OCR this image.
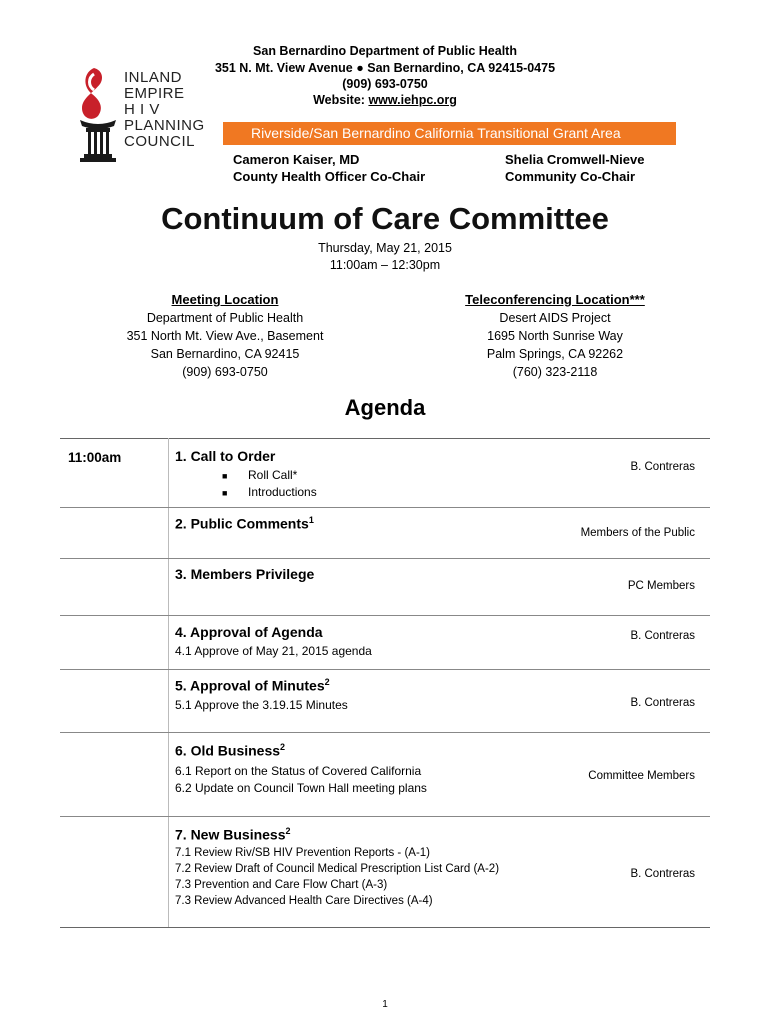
INLAND
EMPIRE
H I V
PLANNING
COUNCIL
San Bernardino Department of Public Health
351 N. Mt. View Avenue ● San Bernardino, CA 92415-0475
(909) 693-0750
Website: www.iehpc.org
Riverside/San Bernardino California Transitional Grant Area
Cameron Kaiser, MD
County Health Officer Co-Chair
Shelia Cromwell-Nieve
Community Co-Chair
Continuum of Care Committee
Thursday, May 21, 2015
11:00am – 12:30pm
Meeting Location
Department of Public Health
351 North Mt. View Ave., Basement
San Bernardino, CA 92415
(909) 693-0750
Teleconferencing Location***
Desert AIDS Project
1695 North Sunrise Way
Palm Springs, CA 92262
(760) 323-2118
Agenda
11:00am	1. Call to Order
■ Roll Call*
■ Introductions
B. Contreras
2. Public Comments$^1$
Members of the Public
3. Members Privilege
PC Members
4. Approval of Agenda
4.1 Approve of May 21, 2015 agenda
B. Contreras
5. Approval of Minutes$^2$
5.1 Approve the 3.19.15 Minutes	B. Contreras
6. Old Business$^2$
6.1 Report on the Status of Covered California
6.2 Update on Council Town Hall meeting plans
Committee Members
7. New Business$^2$
7.1 Review Riv/SB HIV Prevention Reports - (A-1)
7.2 Review Draft of Council Medical Prescription List Card (A-2)
7.3 Prevention and Care Flow Chart (A-3)
7.3 Review Advanced Health Care Directives (A-4)
B. Contreras
1
